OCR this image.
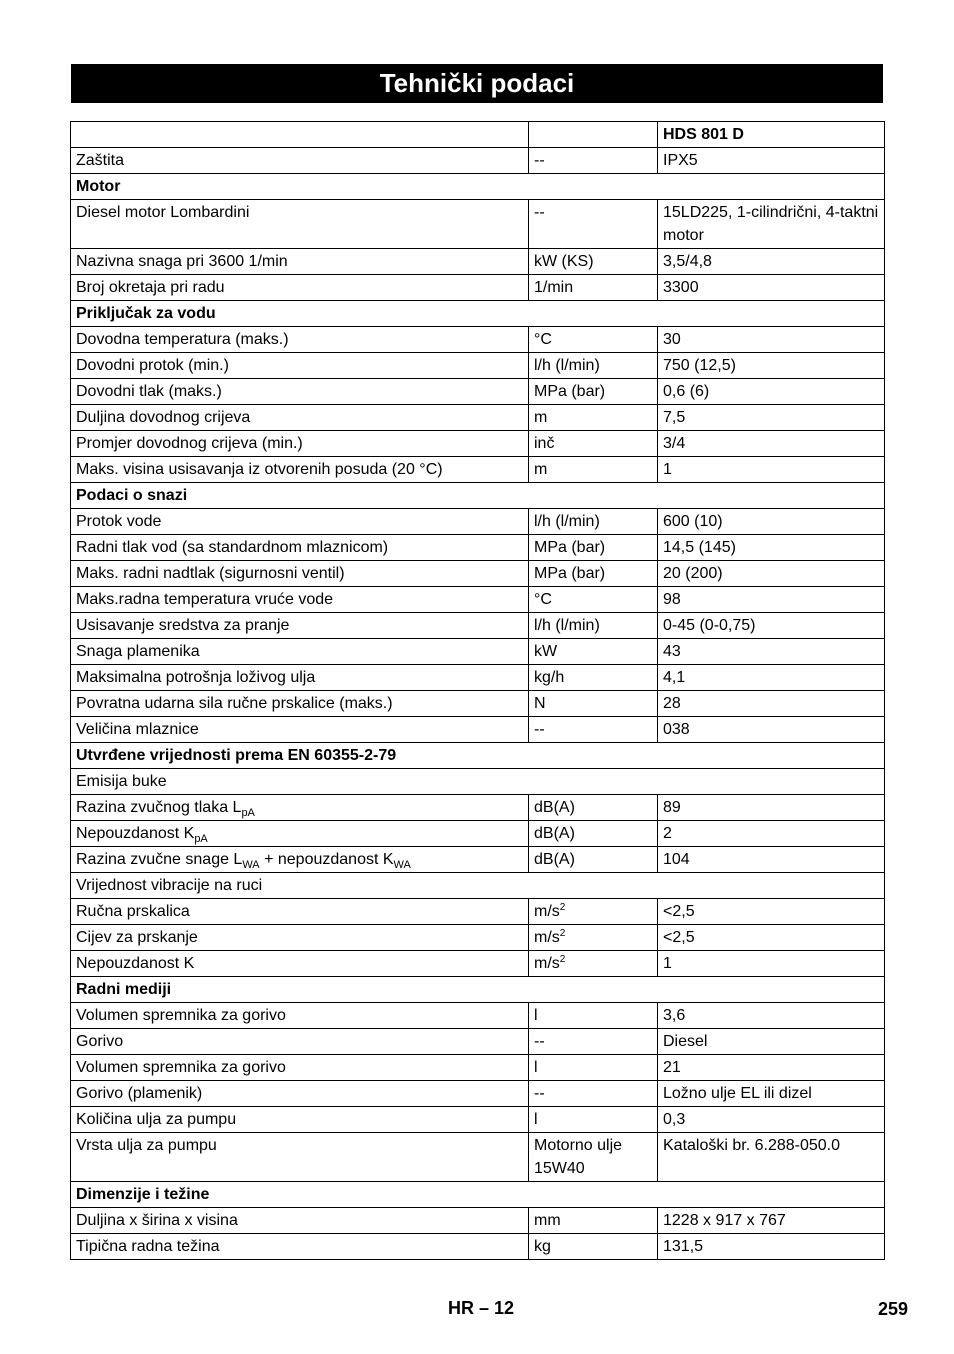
Tehnički podaci
		HDS 801 D
Zaštita	--	IPX5
Motor		
Diesel motor Lombardini	--	15LD225, 1-cilindrični, 4-taktni motor
Nazivna snaga pri 3600 1/min	kW (KS)	3,5/4,8
Broj okretaja pri radu	1/min	3300
Priključak za vodu		
Dovodna temperatura (maks.)	°C	30
Dovodni protok (min.)	l/h (l/min)	750 (12,5)
Dovodni tlak (maks.)	MPa (bar)	0,6 (6)
Duljina dovodnog crijeva	m	7,5
Promjer dovodnog crijeva (min.)	inč	3/4
Maks. visina usisavanja iz otvorenih posuda (20 °C)	m	1
Podaci o snazi		
Protok vode	l/h (l/min)	600 (10)
Radni tlak vod (sa standardnom mlaznicom)	MPa (bar)	14,5 (145)
Maks. radni nadtlak (sigurnosni ventil)	MPa (bar)	20 (200)
Maks.radna temperatura vruće vode	°C	98
Usisavanje sredstva za pranje	l/h (l/min)	0-45 (0-0,75)
Snaga plamenika	kW	43
Maksimalna potrošnja loživog ulja	kg/h	4,1
Povratna udarna sila ručne prskalice (maks.)	N	28
Veličina mlaznice	--	038
Utvrđene vrijednosti prema EN 60355-2-79		
Emisija buke		
Razina zvučnog tlaka $L_{pA}$	dB(A)	89
Nepouzdanost $K_{pA}$	dB(A)	2
Razina zvučne snage $L_{WA}$ + nepouzdanost $K_{WA}$	dB(A)	104
Vrijednost vibracije na ruci		
Ručna prskalica	$m/s^2$	<2,5
Cijev za prskanje	$m/s^2$	<2,5
Nepouzdanost K	$m/s^2$	1
Radni mediji		
Volumen spremnika za gorivo	l	3,6
Gorivo	--	Diesel
Volumen spremnika za gorivo	l	21
Gorivo (plamenik)	--	Ložno ulje EL ili dizel
Količina ulja za pumpu	l	0,3
Vrsta ulja za pumpu	Motorno ulje 15W40	Kataloški br. 6.288-050.0
Dimenzije i težine		
Duljina x širina x visina	mm	1228 x 917 x 767
Tipična radna težina	kg	131,5
HR – 12	259
